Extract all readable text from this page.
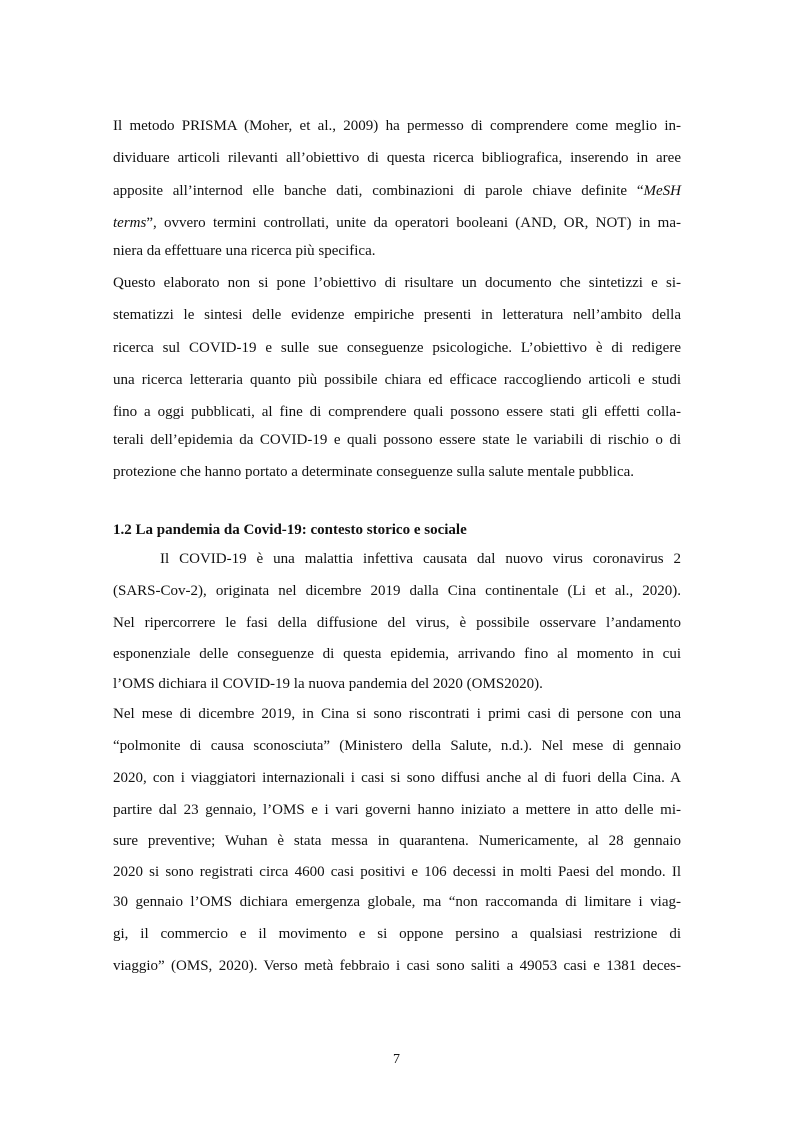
Il metodo PRISMA (Moher, et al., 2009) ha permesso di comprendere come meglio in-
dividuare articoli rilevanti all’obiettivo di questa ricerca bibliografica, inserendo in aree
apposite all’internod elle banche dati, combinazioni di parole chiave definite “MeSH
terms”, ovvero termini controllati, unite da operatori booleani (AND, OR, NOT) in ma-
niera da effettuare una ricerca più specifica.
Questo elaborato non si pone l’obiettivo di risultare un documento che sintetizzi e si-
stematizzi le sintesi delle evidenze empiriche presenti in letteratura nell’ambito della
ricerca sul COVID-19 e sulle sue conseguenze psicologiche. L’obiettivo è di redigere
una ricerca letteraria quanto più possibile chiara ed efficace raccogliendo articoli e studi
fino a oggi pubblicati, al fine di comprendere quali possono essere stati gli effetti colla-
terali dell’epidemia da COVID-19 e quali possono essere state le variabili di rischio o di
protezione che hanno portato a determinate conseguenze sulla salute mentale pubblica.
1.2 La pandemia da Covid-19: contesto storico e sociale
Il COVID-19 è una malattia infettiva causata dal nuovo virus coronavirus 2
(SARS-Cov-2), originata nel dicembre 2019 dalla Cina continentale (Li et al., 2020).
Nel ripercorrere le fasi della diffusione del virus, è possibile osservare l’andamento
esponenziale delle conseguenze di questa epidemia, arrivando fino al momento in cui
l’OMS dichiara il COVID-19 la nuova pandemia del 2020 (OMS2020).
Nel mese di dicembre 2019, in Cina si sono riscontrati i primi casi di persone con una
“polmonite di causa sconosciuta” (Ministero della Salute, n.d.). Nel mese di gennaio
2020, con i viaggiatori internazionali i casi si sono diffusi anche al di fuori della Cina. A
partire dal 23 gennaio, l’OMS e i vari governi hanno iniziato a mettere in atto delle mi-
sure preventive; Wuhan è stata messa in quarantena. Numericamente, al 28 gennaio
2020 si sono registrati circa 4600 casi positivi e 106 decessi in molti Paesi del mondo. Il
30 gennaio l’OMS dichiara emergenza globale, ma “non raccomanda di limitare i viag-
gi, il commercio e il movimento e si oppone persino a qualsiasi restrizione di
viaggio” (OMS, 2020). Verso metà febbraio i casi sono saliti a 49053 casi e 1381 deces-
7
